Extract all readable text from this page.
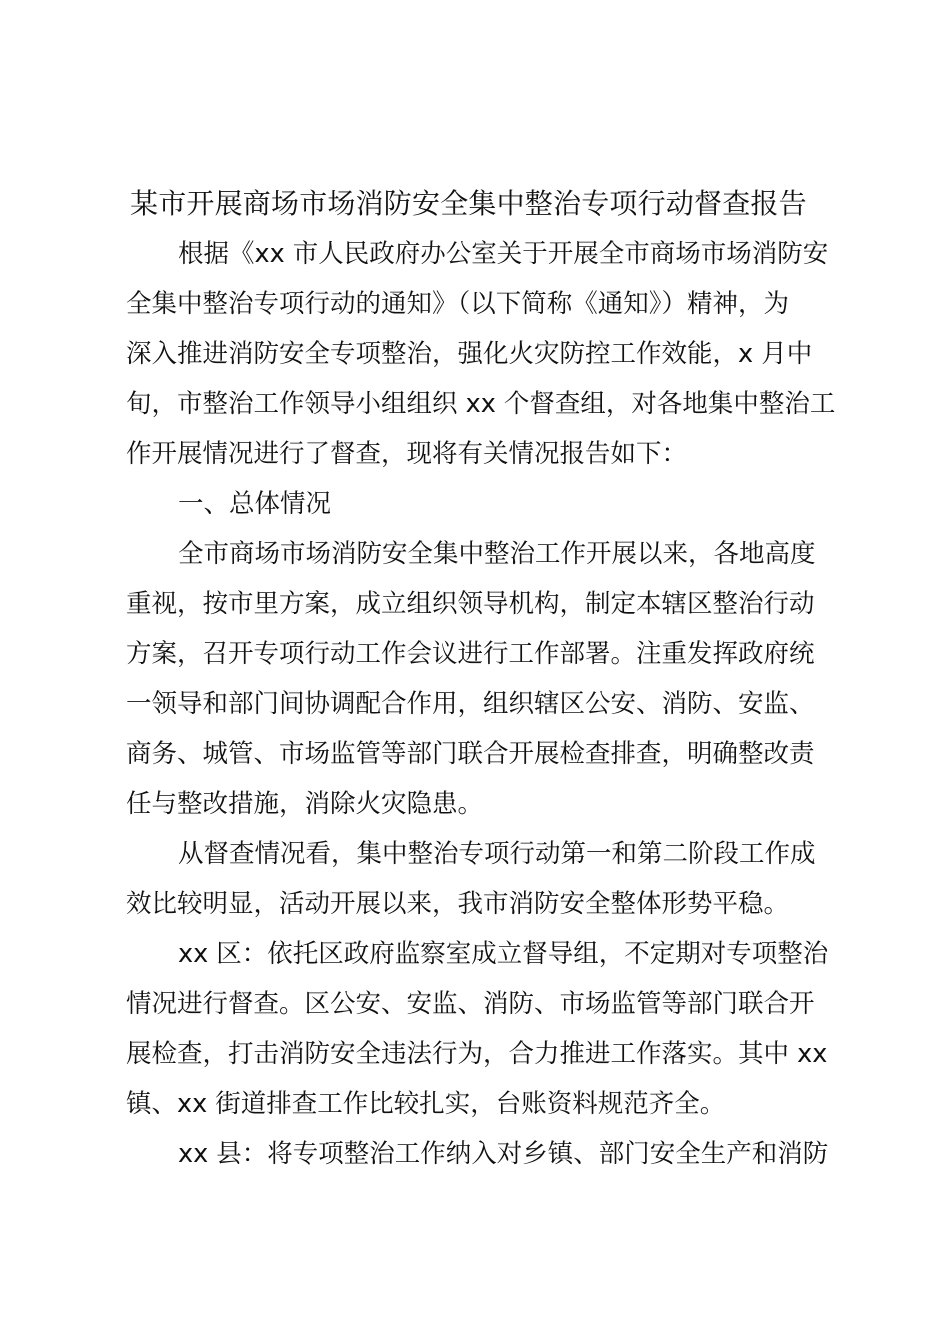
某市开展商场市场消防安全集中整治专项行动督查报告
根据《xx 市人民政府办公室关于开展全市商场市场消防安
全集中整治专项行动的通知》（以下简称《通知》）精神，为
深入推进消防安全专项整治，强化火灾防控工作效能，x 月中
旬，市整治工作领导小组组织 xx 个督查组，对各地集中整治工
作开展情况进行了督查，现将有关情况报告如下：
一、总体情况
全市商场市场消防安全集中整治工作开展以来，各地高度
重视，按市里方案，成立组织领导机构，制定本辖区整治行动
方案，召开专项行动工作会议进行工作部署。注重发挥政府统
一领导和部门间协调配合作用，组织辖区公安、消防、安监、
商务、城管、市场监管等部门联合开展检查排查，明确整改责
任与整改措施，消除火灾隐患。
从督查情况看，集中整治专项行动第一和第二阶段工作成
效比较明显，活动开展以来，我市消防安全整体形势平稳。
xx 区：依托区政府监察室成立督导组，不定期对专项整治
情况进行督查。区公安、安监、消防、市场监管等部门联合开
展检查，打击消防安全违法行为，合力推进工作落实。其中 xx
镇、xx 街道排查工作比较扎实，台账资料规范齐全。
xx 县：将专项整治工作纳入对乡镇、部门安全生产和消防
